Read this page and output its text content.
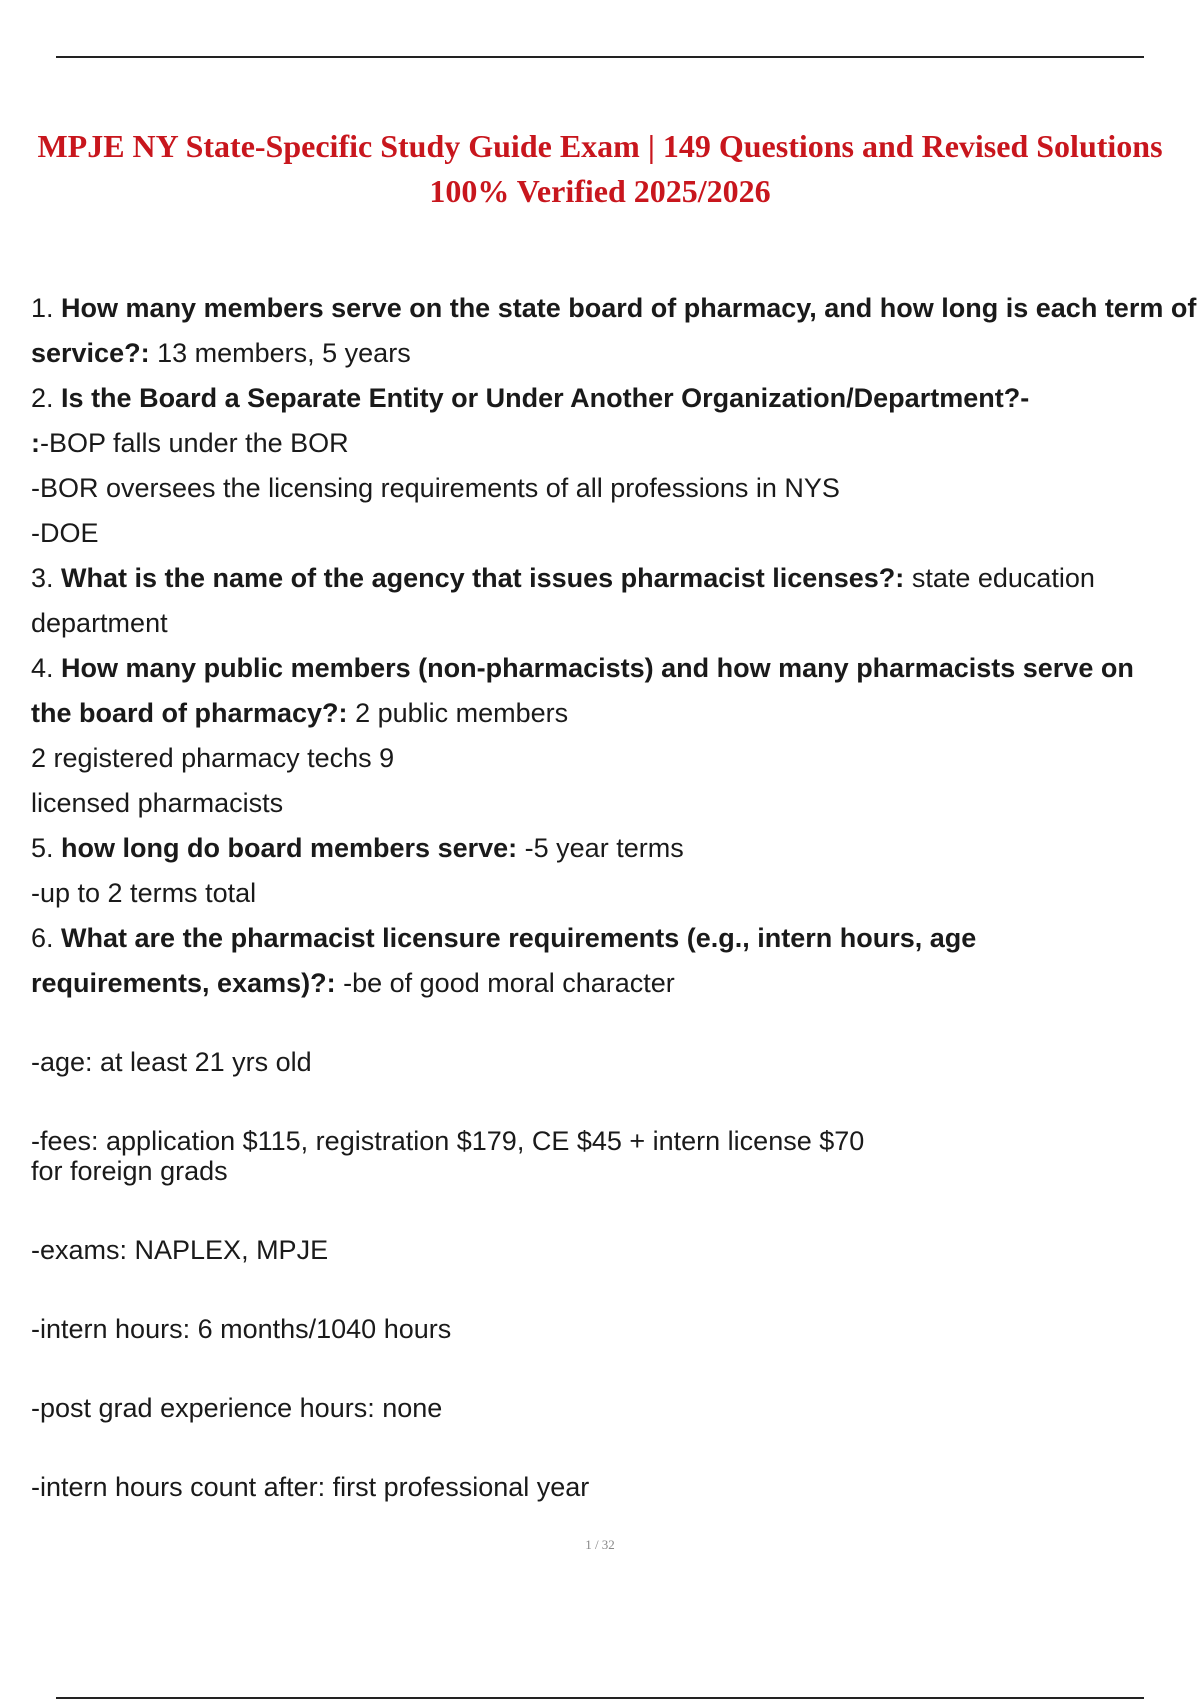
MPJE NY State-Specific Study Guide Exam | 149 Questions and Revised Solutions
100% Verified 2025/2026
1. How many members serve on the state board of pharmacy, and how long is each term of
service?: 13 members, 5 years
2. Is the Board a Separate Entity or Under Another Organization/Department?-
:-BOP falls under the BOR
-BOR oversees the licensing requirements of all professions in NYS
-DOE
3. What is the name of the agency that issues pharmacist licenses?: state education
department
4. How many public members (non-pharmacists) and how many pharmacists serve on
the board of pharmacy?: 2 public members
2 registered pharmacy techs 9
licensed pharmacists
5. how long do board members serve: -5 year terms
-up to 2 terms total
6. What are the pharmacist licensure requirements (e.g., intern hours, age
requirements, exams)?: -be of good moral character
-age: at least 21 yrs old
-fees: application $115, registration $179, CE $45 + intern license $70
for foreign grads
-exams: NAPLEX, MPJE
-intern hours: 6 months/1040 hours
-post grad experience hours: none
-intern hours count after: first professional year
1 / 32
